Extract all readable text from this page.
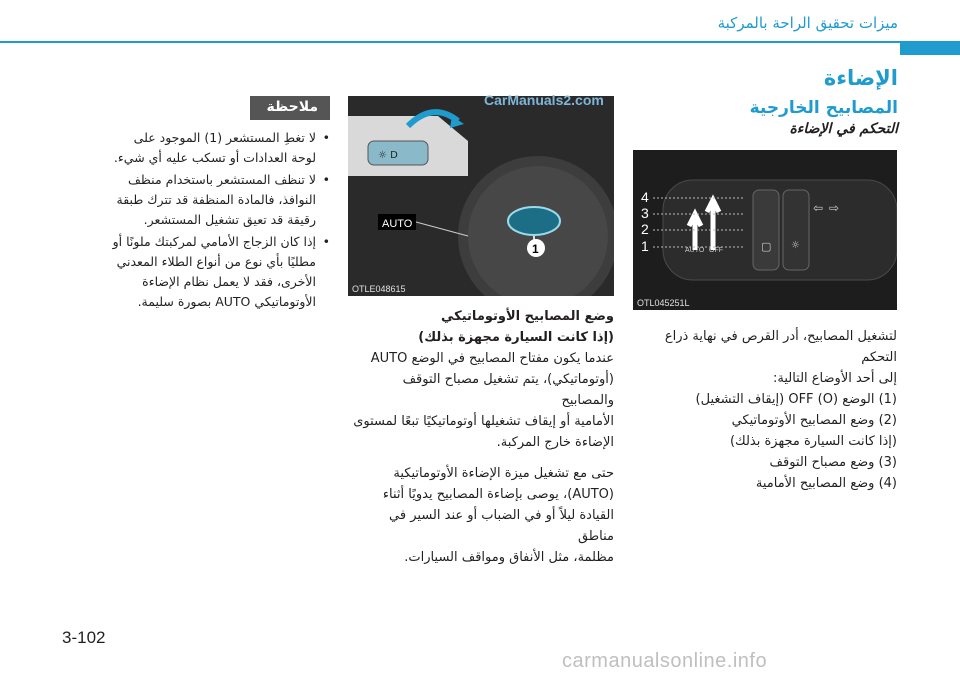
ميزات تحقيق الراحة بالمركبة
الإضاءة
المصابيح الخارجية
التحكم في الإضاءة
▢
⇦ ⇨
☼
AUTO OFF
4
3
2
1
OTL045251L
1
☼ D
AUTO
OTLE048615
CarManuals2.com
لتشغيل المصابيح، أدر القرص في نهاية ذراع التحكم
إلى أحد الأوضاع التالية:
(1) الوضع (O) OFF (إيقاف التشغيل)
(2) وضع المصابيح الأوتوماتيكي
(إذا كانت السيارة مجهزة بذلك)
(3) وضع مصباح التوقف
(4) وضع المصابيح الأمامية
وضع المصابيح الأوتوماتيكي
(إذا كانت السيارة مجهزة بذلك)
عندما يكون مفتاح المصابيح في الوضع AUTO
(أوتوماتيكي)، يتم تشغيل مصباح التوقف والمصابيح
الأمامية أو إيقاف تشغيلها أوتوماتيكيًا تبعًا لمستوى
الإضاءة خارج المركبة.
حتى مع تشغيل ميزة الإضاءة الأوتوماتيكية
(AUTO)، يوصى بإضاءة المصابيح يدويًا أثناء
القيادة ليلاً أو في الضباب أو عند السير في مناطق
مظلمة، مثل الأنفاق ومواقف السيارات.
ملاحظة
• لا تغطِ المستشعر (1) الموجود على لوحة العدادات أو تسكب عليه أي شيء.
• لا تنظف المستشعر باستخدام منظف النوافذ، فالمادة المنظفة قد تترك طبقة رقيقة قد تعيق تشغيل المستشعر.
• إذا كان الزجاج الأمامي لمركبتك ملونًا أو مطليًا بأي نوع من أنواع الطلاء المعدني الأخرى، فقد لا يعمل نظام الإضاءة الأوتوماتيكي AUTO بصورة سليمة.
3-102
carmanualsonline.info
